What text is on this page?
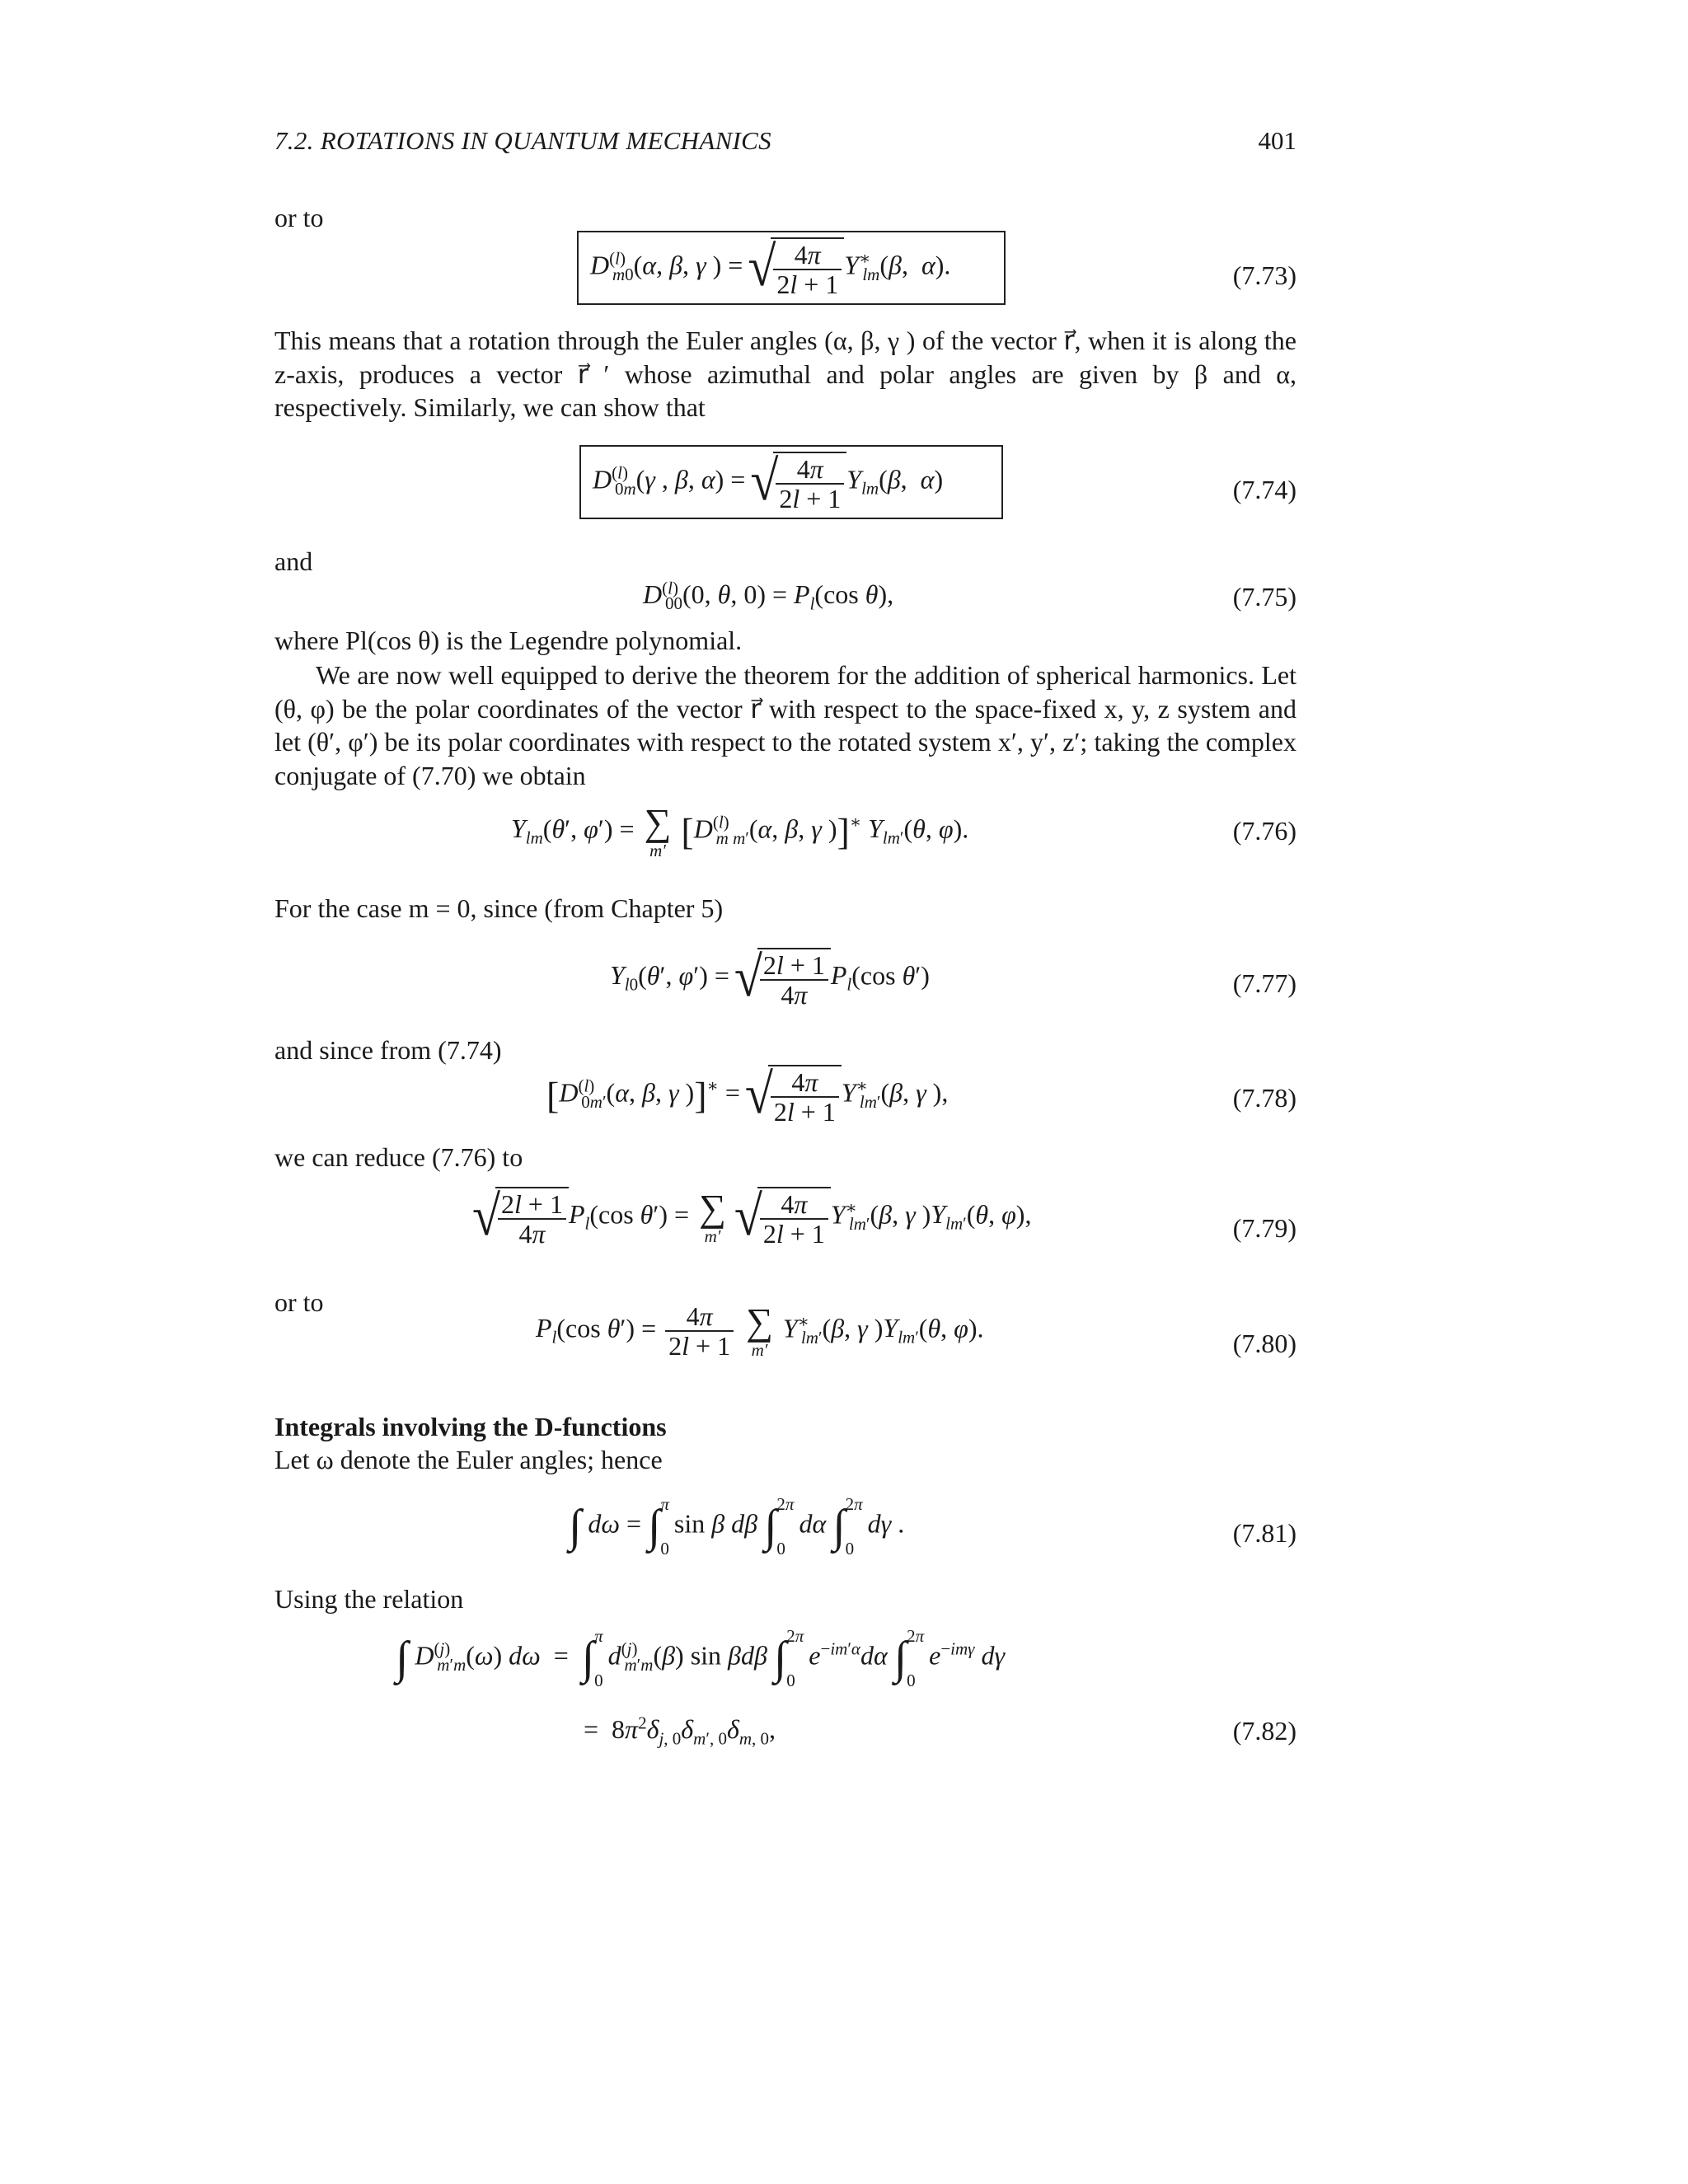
7.2. ROTATIONS IN QUANTUM MECHANICS	401
or to
$D^{(l)}_{m0}(\alpha$, β, γ ) = √ $\frac{4\pi}{2l + 1} Y^∗_{lm}(\beta$,  α).	(7.73)
This means that a rotation through the Euler angles (α, β, γ ) of the vector r⃗, when it is along the z-axis, produces a vector r⃗ ′ whose azimuthal and polar angles are given by β and α, respectively. Similarly, we can show that
$D^{(l)}_{0m}(\gamma$ , β, α) = √ $\frac{4\pi}{2l + 1} Y_{lm}(\beta$,  α)	(7.74)
and
$D^{(l)}_{00}(0$, θ, $0) = P_l(\cos$ θ),	(7.75)
where Pl(cos θ) is the Legendre polynomial.
We are now well equipped to derive the theorem for the addition of spherical harmonics. Let (θ, φ) be the polar coordinates of the vector r⃗ with respect to the space-fixed x, y, z system and let (θ′, φ′) be its polar coordinates with respect to the rotated system x′, y′, z′; taking the complex conjugate of (7.70) we obtain
$Y_{lm}(\theta'$, φ′) = ∑
m′ [$D^{(l)}_{m m'}(\alpha$, β, γ )]∗ $Y_{lm'}(\theta$, φ).	(7.76)
For the case m = 0, since (from Chapter 5)
$Y_{l0}(\theta'$, φ′) = √ $\frac{2l + 1}{4\pi} P_l(\cos$ θ′)	(7.77)
and since from (7.74)
[$D^{(l)}_{0m'}(\alpha$, β, γ )]∗ = √ $\frac{4\pi}{2l + 1} Y^∗_{lm'}(\beta$, γ ),	(7.78)
we can reduce (7.76) to
√ $\frac{2l + 1}{4\pi} P_l(\cos$ θ′) = ∑
m′
√ $\frac{4\pi}{2l + 1} Y^∗_{lm'}(\beta$, γ )$Y_{lm'}(\theta$, φ),	(7.79)
or to
$P_l(\cos$ $\theta') = \frac{4\pi}{2l + 1}$
∑
m′
$Y^∗_{lm'}(\beta$, γ )$Y_{lm'}(\theta$, φ).
(7.80)
Integrals involving the D-functions
Let ω denote the Euler angles; hence
∫ dω = ∫ π
0
sin β dβ ∫ 2π
0
dα ∫ 2π
0
dγ .	(7.81)
Using the relation
∫ $D^{(j)}_{m'm}(\omega) d\omega$  =  ∫ π
0
$d^{(j)}_{m'm}(\beta)$ sin βdβ ∫ 2π
0
$e^{-im'\alpha}d\alpha$ ∫ 2π
0
$e^{-im\gamma}$ dγ
=  $8\pi^2\delta_{j, 0}\delta_{m', 0}\delta_{m, 0}$,	(7.82)
